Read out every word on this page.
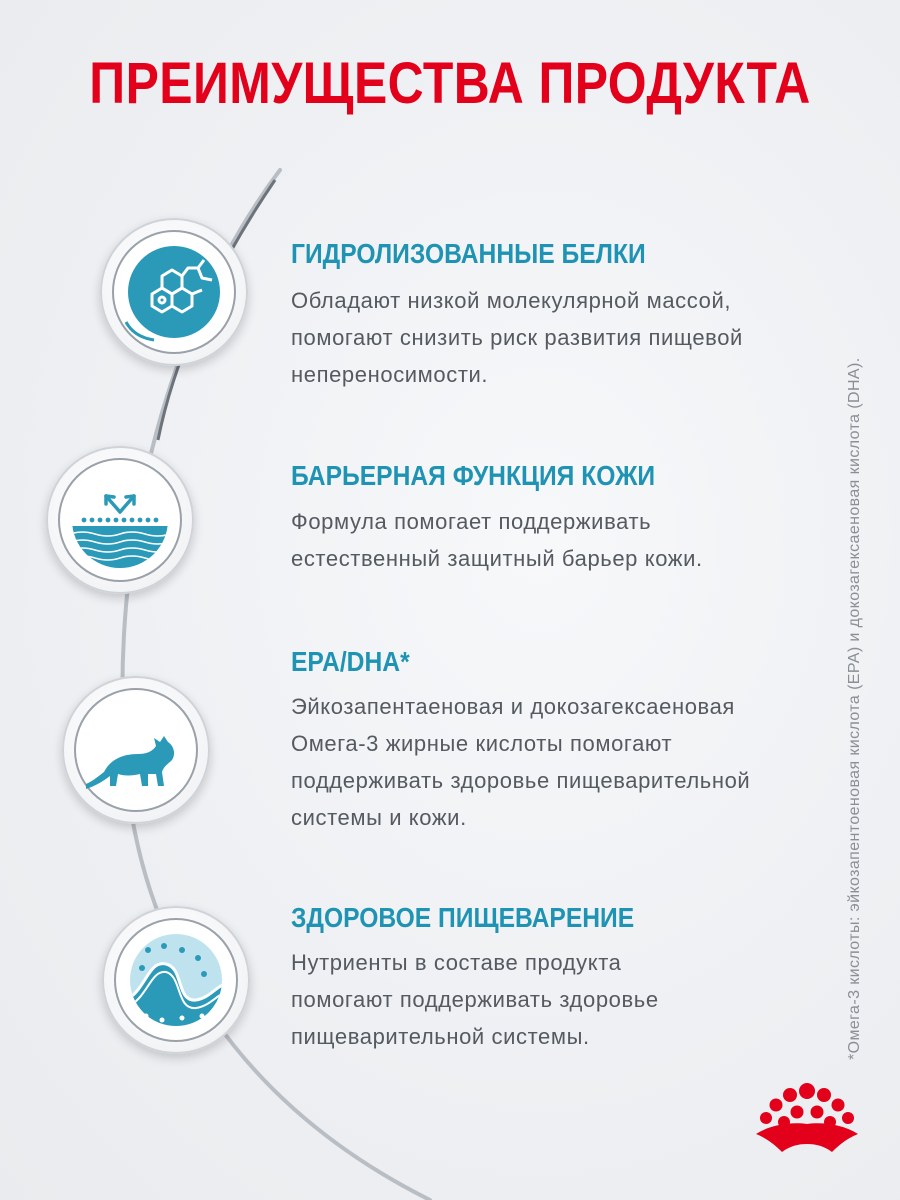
ПРЕИМУЩЕСТВА ПРОДУКТА
ГИДРОЛИЗОВАННЫЕ БЕЛКИ
Обладают низкой молекулярной массой,
помогают снизить риск развития пищевой
непереносимости.
БАРЬЕРНАЯ ФУНКЦИЯ КОЖИ
Формула помогает поддерживать
естественный защитный барьер кожи.
EPA/DHA*
Эйкозапентаеновая и докозагексаеновая
Омега-3 жирные кислоты помогают
поддерживать здоровье пищеварительной
системы и кожи.
ЗДОРОВОЕ ПИЩЕВАРЕНИЕ
Нутриенты в составе продукта
помогают поддерживать здоровье
пищеварительной системы.	*Омега-3 кислоты: эйкозапентоеновая кислота (EPA) и докозагексаеновая кислота (DHA).
